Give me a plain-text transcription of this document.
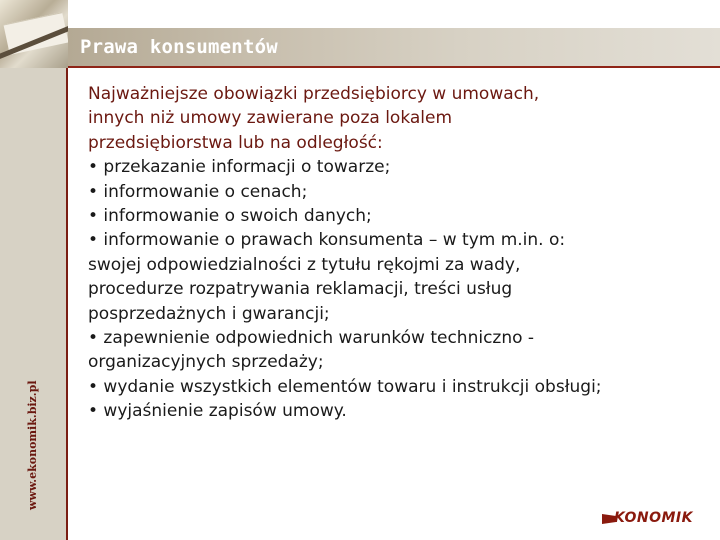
www.ekonomik.biz.pl
Prawa konsumentów

Najważniejsze obowiązki przedsiębiorcy w umowach,

innych niż umowy zawierane poza lokalem

przedsiębiorstwa lub na odległość:

• przekazanie informacji o towarze;

• informowanie o cenach;

• informowanie o swoich danych;

• informowanie o prawach konsumenta – w tym m.in. o:

swojej odpowiedzialności z tytułu rękojmi za wady,

procedurze rozpatrywania reklamacji, treści usług

posprzedażnych i gwarancji;

• zapewnienie odpowiednich warunków techniczno -

organizacyjnych sprzedaży;

• wydanie wszystkich elementów towaru i instrukcji obsługi;

• wyjaśnienie zapisów umowy.

KONOMIK
